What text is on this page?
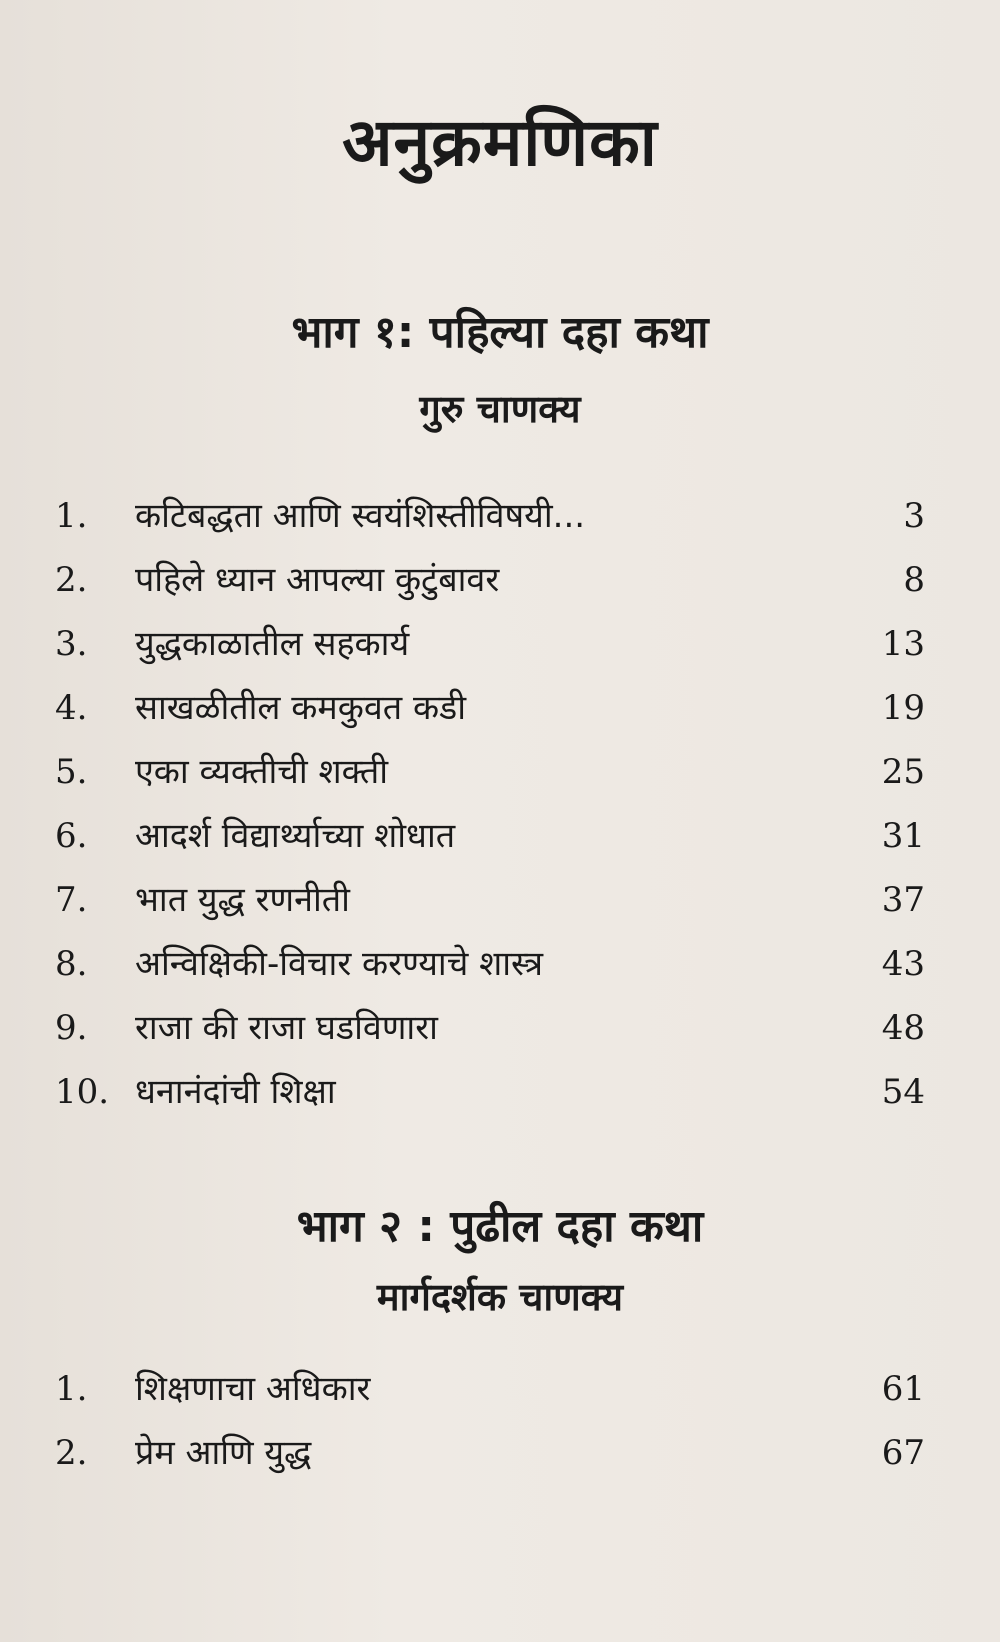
अनुक्रमणिका
भाग १: पहिल्या दहा कथा
गुरु चाणक्य
1. कटिबद्धता आणि स्वयंशिस्तीविषयी...	3
2. पहिले ध्यान आपल्या कुटुंबावर	8
3. युद्धकाळातील सहकार्य	13
4. साखळीतील कमकुवत कडी	19
5. एका व्यक्तीची शक्ती	25
6. आदर्श विद्यार्थ्याच्या शोधात	31
7. भात युद्ध रणनीती	37
8. अन्विक्षिकी-विचार करण्याचे शास्त्र	43
9. राजा की राजा घडविणारा	48
10. धनानंदांची शिक्षा	54
भाग २ : पुढील दहा कथा
मार्गदर्शक चाणक्य
1. शिक्षणाचा अधिकार	61
2. प्रेम आणि युद्ध	67
